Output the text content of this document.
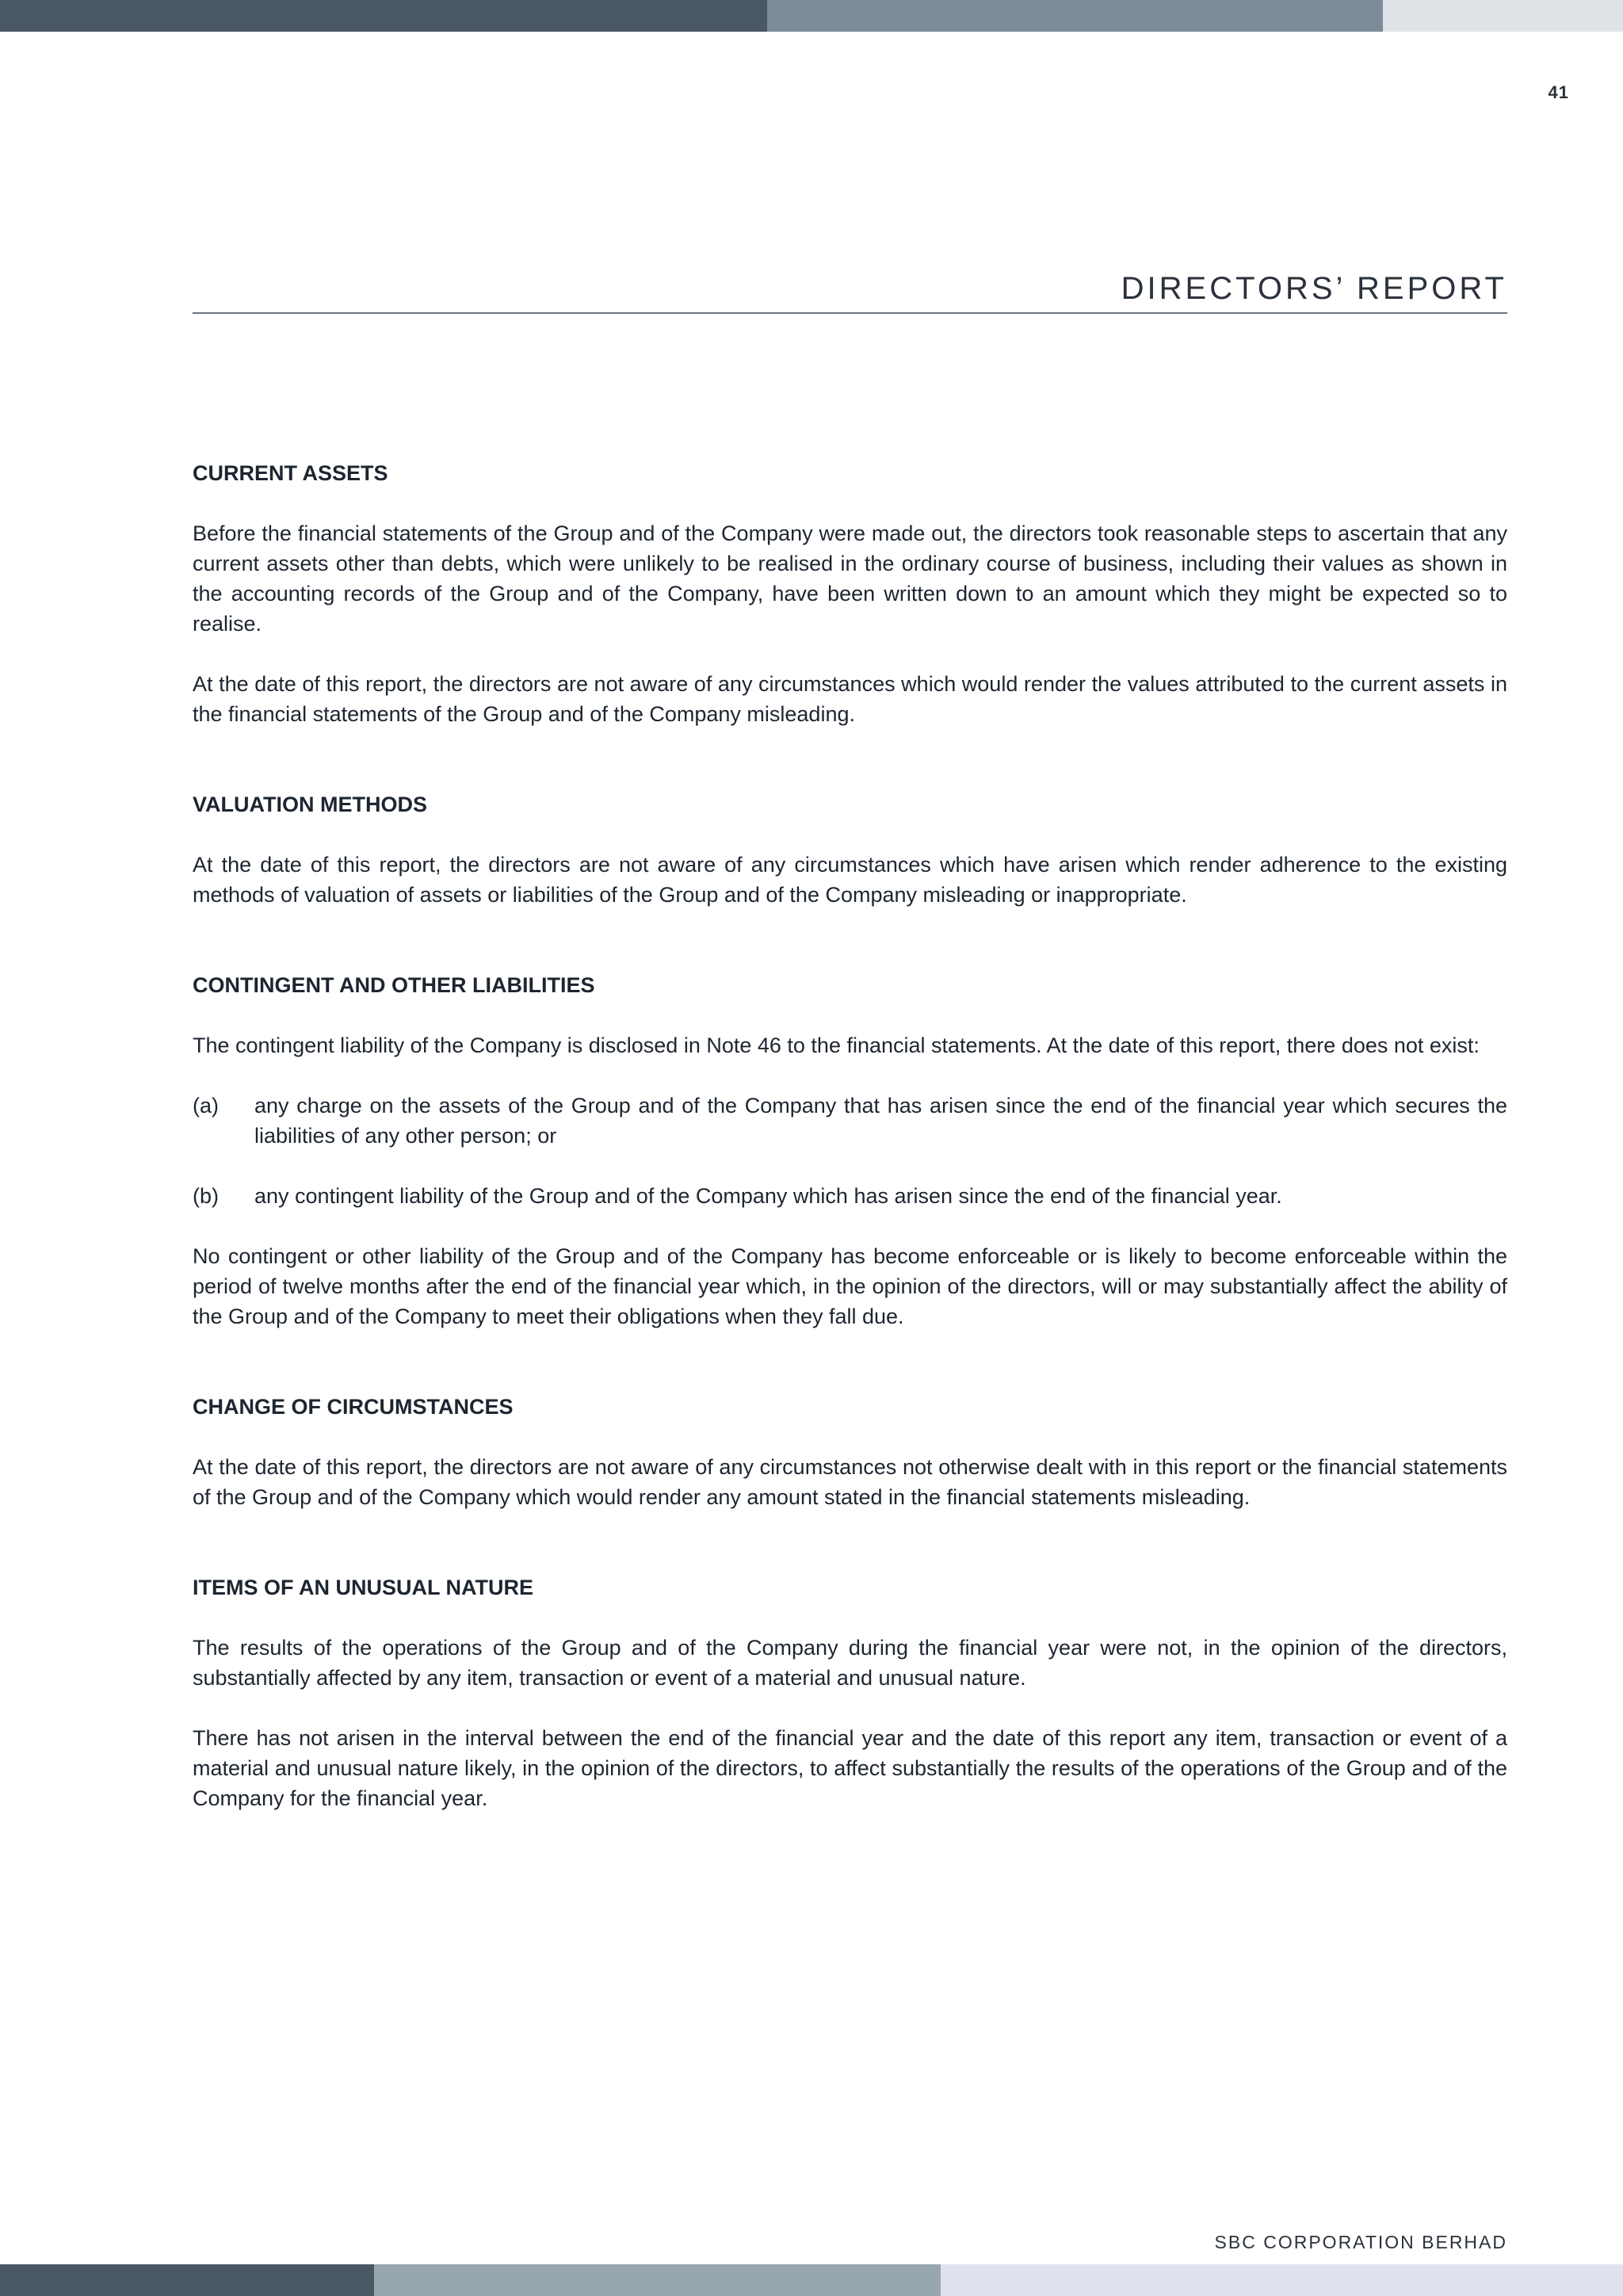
41
DIRECTORS’ REPORT
CURRENT ASSETS

Before the financial statements of the Group and of the Company were made out, the directors took reasonable steps to ascertain that any current assets other than debts, which were unlikely to be realised in the ordinary course of business, including their values as shown in the accounting records of the Group and of the Company, have been written down to an amount which they might be expected so to realise.

At the date of this report, the directors are not aware of any circumstances which would render the values attributed to the current assets in the financial statements of the Group and of the Company misleading.

VALUATION METHODS

At the date of this report, the directors are not aware of any circumstances which have arisen which render adherence to the existing methods of valuation of assets or liabilities of the Group and of the Company misleading or inappropriate.

CONTINGENT AND OTHER LIABILITIES

The contingent liability of the Company is disclosed in Note 46 to the financial statements. At the date of this report, there does not exist:

(a)	any charge on the assets of the Group and of the Company that has arisen since the end of the financial year which secures the liabilities of any other person; or
(b)	any contingent liability of the Group and of the Company which has arisen since the end of the financial year.

No contingent or other liability of the Group and of the Company has become enforceable or is likely to become enforceable within the period of twelve months after the end of the financial year which, in the opinion of the directors, will or may substantially affect the ability of the Group and of the Company to meet their obligations when they fall due.

CHANGE OF CIRCUMSTANCES

At the date of this report, the directors are not aware of any circumstances not otherwise dealt with in this report or the financial statements of the Group and of the Company which would render any amount stated in the financial statements misleading.

ITEMS OF AN UNUSUAL NATURE

The results of the operations of the Group and of the Company during the financial year were not, in the opinion of the directors, substantially affected by any item, transaction or event of a material and unusual nature.

There has not arisen in the interval between the end of the financial year and the date of this report any item, transaction or event of a material and unusual nature likely, in the opinion of the directors, to affect substantially the results of the operations of the Group and of the Company for the financial year.

SBC CORPORATION BERHAD
